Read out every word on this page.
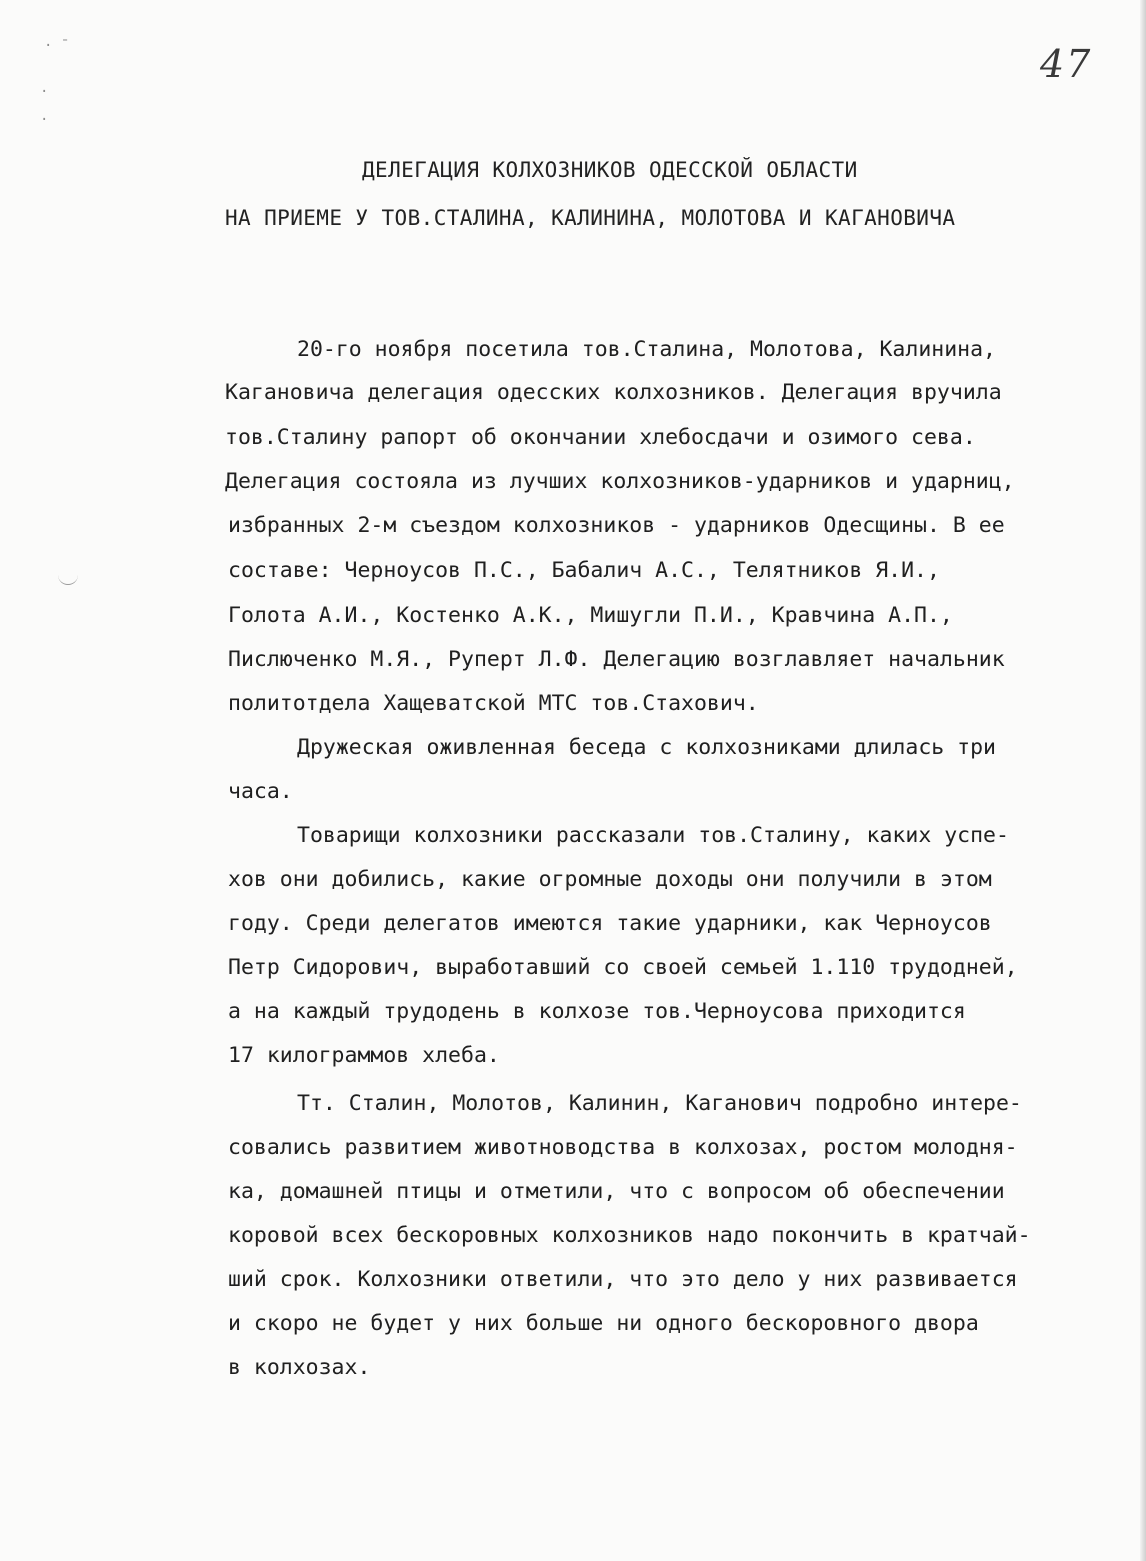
· ˉ
·
·
47
ДЕЛЕГАЦИЯ КОЛХОЗНИКОВ ОДЕССКОЙ ОБЛАСТИ
НА ПРИЕМЕ У ТОВ.СТАЛИНА, КАЛИНИНА, МОЛОТОВА И КАГАНОВИЧА
20-го ноября посетила тов.Сталина, Молотова, Калинина,
Кагановича делегация одесских колхозников. Делегация вручила
тов.Сталину рапорт об окончании хлебосдачи и озимого сева.
Делегация состояла из лучших колхозников-ударников и ударниц,
избранных 2-м съездом колхозников - ударников Одесщины. В ее
составе: Черноусов П.С., Бабалич А.С., Телятников Я.И.,
Голота А.И., Костенко А.К., Мишугли П.И., Кравчина А.П.,
Пислюченко М.Я., Руперт Л.Ф. Делегацию возглавляет начальник
политотдела Хащеватской МТС тов.Стахович.
Дружеская оживленная беседа с колхозниками длилась три
часа.
Товарищи колхозники рассказали тов.Сталину, каких успе-
хов они добились, какие огромные доходы они получили в этом
году. Среди делегатов имеются такие ударники, как Черноусов
Петр Сидорович, выработавший со своей семьей 1.110 трудодней,
а на каждый трудодень в колхозе тов.Черноусова приходится
17 килограммов хлеба.
Тт. Сталин, Молотов, Калинин, Каганович подробно интере-
совались развитием животноводства в колхозах, ростом молодня-
ка, домашней птицы и отметили, что с вопросом об обеспечении
коровой всех бескоровных колхозников надо покончить в кратчай-
ший срок. Колхозники ответили, что это дело у них развивается
и скоро не будет у них больше ни одного бескоровного двора
в колхозах.
